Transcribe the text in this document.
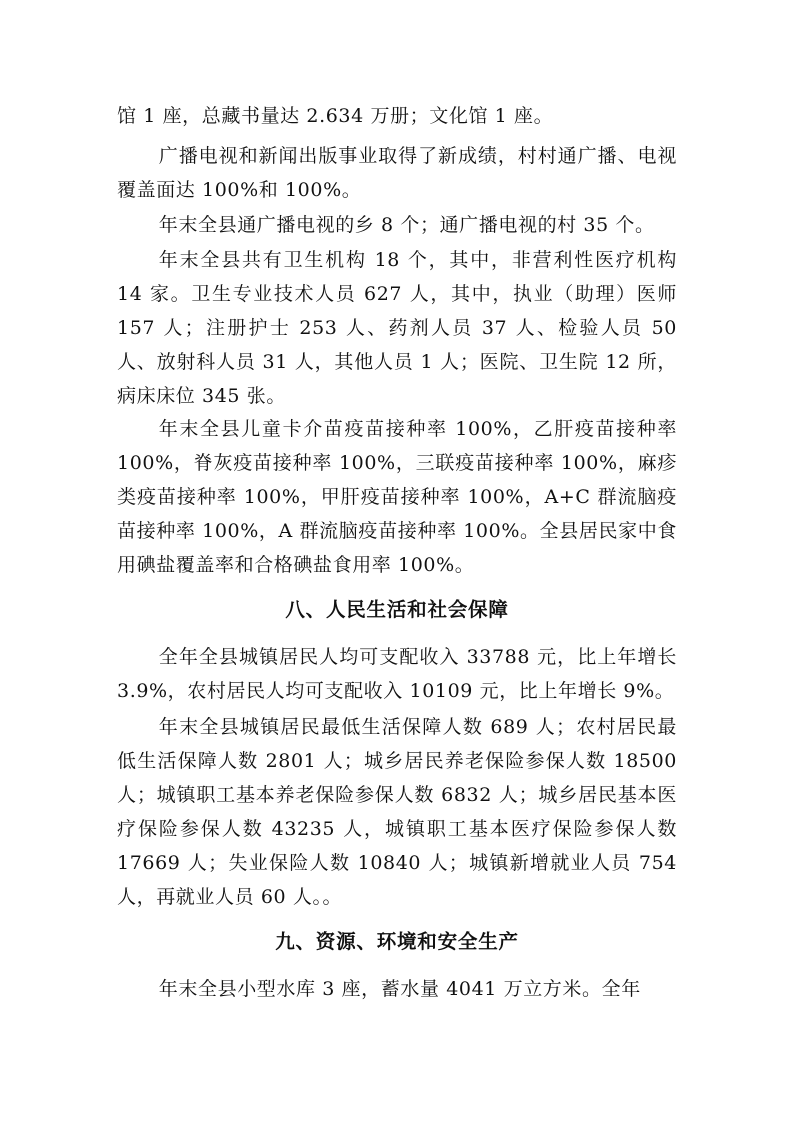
馆 1 座，总藏书量达 2.634 万册；文化馆 1 座。

广播电视和新闻出版事业取得了新成绩，村村通广播、电视覆盖面达 100%和 100%。

年末全县通广播电视的乡 8 个；通广播电视的村 35 个。

年末全县共有卫生机构 18 个，其中，非营利性医疗机构 14 家。卫生专业技术人员 627 人，其中，执业（助理）医师 157 人；注册护士 253 人、药剂人员 37 人、检验人员 50 人、放射科人员 31 人，其他人员 1 人；医院、卫生院 12 所，病床床位 345 张。

年末全县儿童卡介苗疫苗接种率 100%，乙肝疫苗接种率 100%，脊灰疫苗接种率 100%，三联疫苗接种率 100%，麻疹类疫苗接种率 100%，甲肝疫苗接种率 100%，A+C 群流脑疫苗接种率 100%，A 群流脑疫苗接种率 100%。全县居民家中食用碘盐覆盖率和合格碘盐食用率 100%。

八、人民生活和社会保障

全年全县城镇居民人均可支配收入 33788 元，比上年增长 3.9%，农村居民人均可支配收入 10109 元，比上年增长 9%。

年末全县城镇居民最低生活保障人数 689 人；农村居民最低生活保障人数 2801 人；城乡居民养老保险参保人数 18500 人；城镇职工基本养老保险参保人数 6832 人；城乡居民基本医疗保险参保人数 43235 人，城镇职工基本医疗保险参保人数 17669 人；失业保险人数 10840 人；城镇新增就业人员 754 人，再就业人员 60 人。。

九、资源、环境和安全生产

年末全县小型水库 3 座，蓄水量 4041 万立方米。全年
